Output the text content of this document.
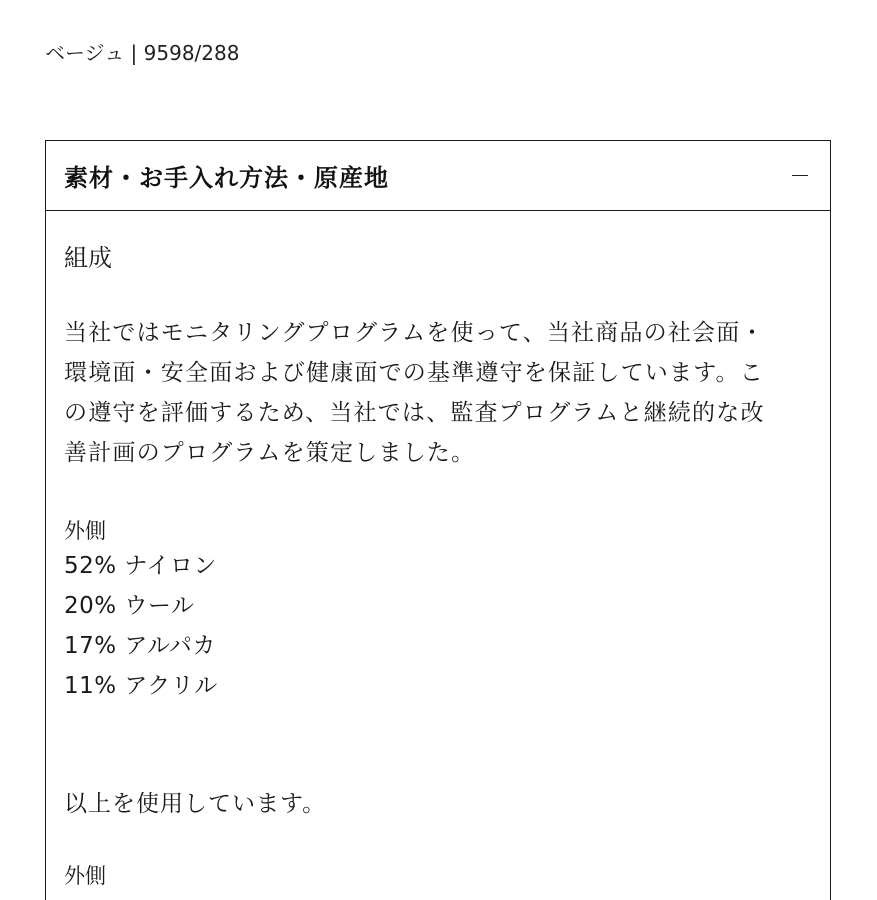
ベージュ | 9598/288
素材・お手入れ方法・原産地
組成
当社ではモニタリングプログラムを使って、当社商品の社会面・
環境面・安全面および健康面での基準遵守を保証しています。こ
の遵守を評価するため、当社では、監査プログラムと継続的な改
善計画のプログラムを策定しました。
外側
52% ナイロン
20% ウール
17% アルパカ
11% アクリル
以上を使用しています。
外側
